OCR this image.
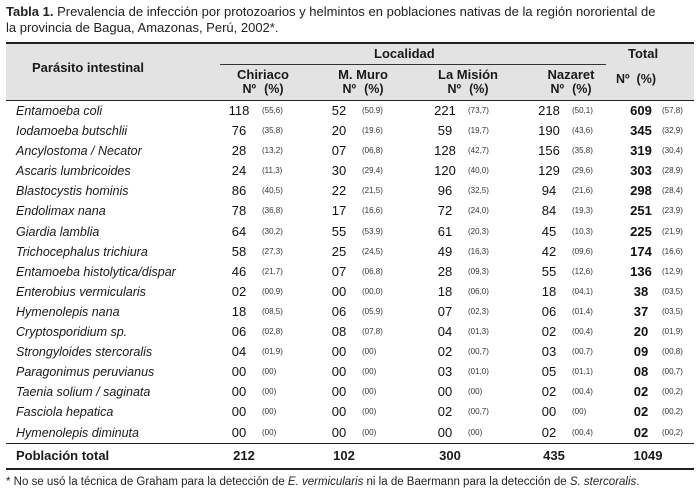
Tabla 1. Prevalencia de infección por protozoarios y helmintos en poblaciones nativas de la región nororiental de
la provincia de Bagua, Amazonas, Perú, 2002*.
Parásito intestinal
Localidad
Chiriaco
Nº (%)
M. Muro
Nº (%)
La Misión
Nº (%)
Nazaret
Nº (%)
Total
Nº (%)
Entamoeba coli	118	(55,6)	52	(50.9)	221	(73,7)	218	(50,1)	609	(57,8)
Iodamoeba butschlii	76	(35,8)	20	(19.6)	59	(19,7)	190	(43,6)	345	(32,9)
Ancylostoma / Necator	28	(13,2)	07	(06,8)	128	(42,7)	156	(35,8)	319	(30,4)
Ascaris lumbricoides	24	(11,3)	30	(29,4)	120	(40,0)	129	(29,6)	303	(28,9)
Blastocystis hominis	86	(40,5)	22	(21,5)	96	(32,5)	94	(21,6)	298	(28,4)
Endolimax nana	78	(36,8)	17	(16,6)	72	(24,0)	84	(19,3)	251	(23,9)
Giardia lamblia	64	(30,2)	55	(53,9)	61	(20,3)	45	(10,3)	225	(21,9)
Trichocephalus trichiura	58	(27,3)	25	(24,5)	49	(16,3)	42	(09,6)	174	(16,6)
Entamoeba histolytica/dispar	46	(21,7)	07	(06,8)	28	(09,3)	55	(12,6)	136	(12,9)
Enterobius vermicularis	02	(00,9)	00	(00,0)	18	(06,0)	18	(04,1)	38	(03,5)
Hymenolepis nana	18	(08,5)	06	(05,9)	07	(02,3)	06	(01,4)	37	(03,5)
Cryptosporidium sp.	06	(02,8)	08	(07,8)	04	(01,3)	02	(00,4)	20	(01,9)
Strongyloides stercoralis	04	(01,9)	00	(00)	02	(00,7)	03	(00,7)	09	(00,8)
Paragonimus peruvianus	00	(00)	00	(00)	03	(01,0)	05	(01,1)	08	(00,7)
Taenia solium / saginata	00	(00)	00	(00)	00	(00)	02	(00,4)	02	(00,2)
Fasciola hepatica	00	(00)	00	(00)	02	(00,7)	00	(00)	02	(00,2)
Hymenolepis diminuta	00	(00)	00	(00)	00	(00)	02	(00,4)	02	(00,2)
Población total	212	102	300	435	1049
* No se usó la técnica de Graham para la detección de E. vermicularis ni la de Baermann para la detección de S. stercoralis.
